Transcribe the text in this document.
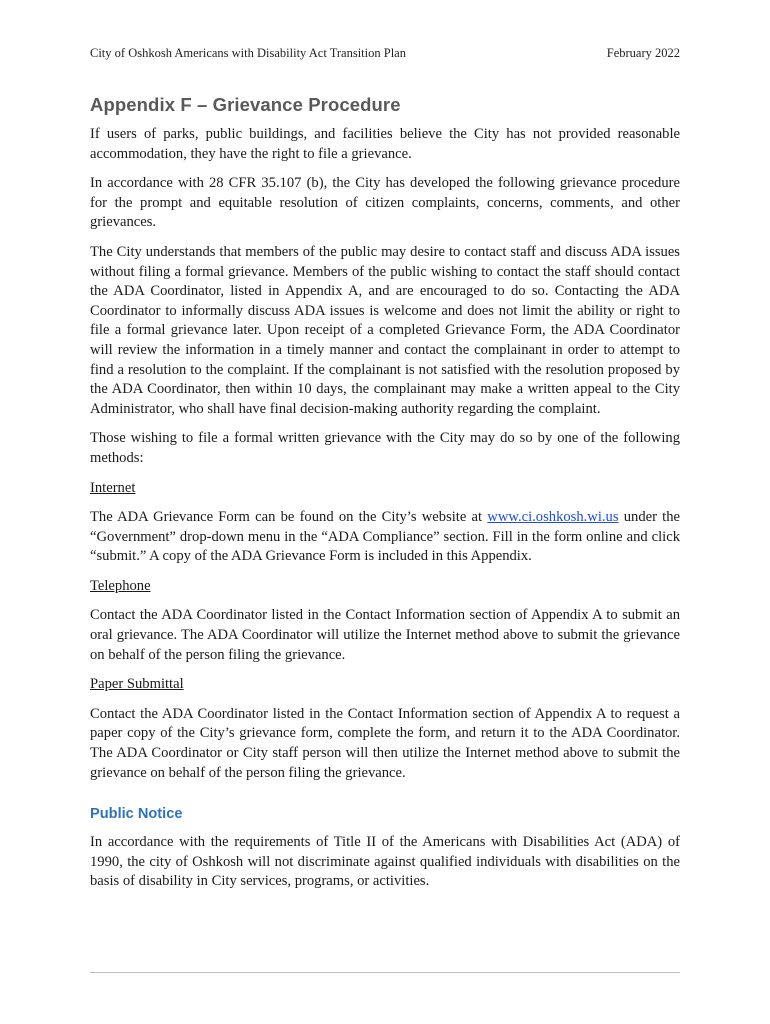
City of Oshkosh Americans with Disability Act Transition Plan	February 2022
Appendix F – Grievance Procedure

If users of parks, public buildings, and facilities believe the City has not provided reasonable accommodation, they have the right to file a grievance.

In accordance with 28 CFR 35.107 (b), the City has developed the following grievance procedure for the prompt and equitable resolution of citizen complaints, concerns, comments, and other grievances.

The City understands that members of the public may desire to contact staff and discuss ADA issues without filing a formal grievance. Members of the public wishing to contact the staff should contact the ADA Coordinator, listed in Appendix A, and are encouraged to do so. Contacting the ADA Coordinator to informally discuss ADA issues is welcome and does not limit the ability or right to file a formal grievance later. Upon receipt of a completed Grievance Form, the ADA Coordinator will review the information in a timely manner and contact the complainant in order to attempt to find a resolution to the complaint. If the complainant is not satisfied with the resolution proposed by the ADA Coordinator, then within 10 days, the complainant may make a written appeal to the City Administrator, who shall have final decision-making authority regarding the complaint.

Those wishing to file a formal written grievance with the City may do so by one of the following methods:

Internet

The ADA Grievance Form can be found on the City’s website at www.ci.oshkosh.wi.us under the “Government” drop-down menu in the “ADA Compliance” section. Fill in the form online and click “submit.” A copy of the ADA Grievance Form is included in this Appendix.

Telephone

Contact the ADA Coordinator listed in the Contact Information section of Appendix A to submit an oral grievance. The ADA Coordinator will utilize the Internet method above to submit the grievance on behalf of the person filing the grievance.

Paper Submittal

Contact the ADA Coordinator listed in the Contact Information section of Appendix A to request a paper copy of the City’s grievance form, complete the form, and return it to the ADA Coordinator. The ADA Coordinator or City staff person will then utilize the Internet method above to submit the grievance on behalf of the person filing the grievance.

Public Notice

In accordance with the requirements of Title II of the Americans with Disabilities Act (ADA) of 1990, the city of Oshkosh will not discriminate against qualified individuals with disabilities on the basis of disability in City services, programs, or activities.
